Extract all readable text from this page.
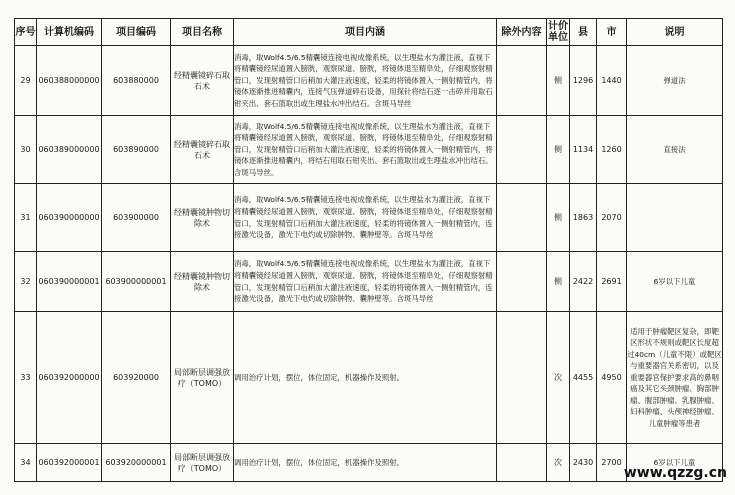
序号	计算机编码	项目编码	项目名称	项目内涵	除外内容	计价单位	县	市	说明
29	060388000000	603880000	经精囊镜碎石取石术	消毒，取Wolf4.5/6.5精囊镜连接电视成像系统，以生理盐水为灌注液，直视下将精囊镜经尿道置入膀胱，观察尿道、膀胱，将镜体退至精阜处，仔细观察射精管口，发现射精管口后稍加大灌注液速度，轻柔的将镜体置入一侧射精管内，将镜体逐渐推进精囊内，连接气压弹道碎石设备，用探针将结石逐一击碎并用取石钳夹出、套石篮取出或生理盐水冲出结石。含斑马导丝		侧	1296	1440	弹道法
30	060389000000	603890000	经精囊镜碎石取石术	消毒，取Wolf4.5/6.5精囊镜连接电视成像系统，以生理盐水为灌注液，直视下将精囊镜经尿道置入膀胱，观察尿道、膀胱，将镜体退至精阜处，仔细观察射精管口，发现射精管口后稍加大灌注液速度，轻柔的将镜体置入一侧射精管内，将镜体逐渐推进精囊内，将结石用取石钳夹出、套石篮取出或生理盐水冲出结石。含斑马导丝。		侧	1134	1260	直接法
31	060390000000	603900000	经精囊镜肿物切除术	消毒，取Wolf4.5/6.5精囊镜连接电视成像系统，以生理盐水为灌注液，直视下将精囊镜经尿道置入膀胱，观察尿道、膀胱，将镜体退至精阜处，仔细观察射精管口，发现射精管口后稍加大灌注液速度，轻柔的将镜体置入一侧射精管内，连接激光设备，激光下电灼或切除肿物、囊肿壁等。含斑马导丝		侧	1863	2070	
32	060390000001	603900000001	经精囊镜肿物切除术	消毒，取Wolf4.5/6.5精囊镜连接电视成像系统，以生理盐水为灌注液，直视下将精囊镜经尿道置入膀胱，观察尿道、膀胱，将镜体退至精阜处，仔细观察射精管口，发现射精管口后稍加大灌注液速度，轻柔的将镜体置入一侧射精管内，连接激光设备，激光下电灼或切除肿物、囊肿壁等。含斑马导丝		侧	2422	2691	6岁以下儿童
33	060392000000	603920000	局部断层调强放疗（TOMO）	调用治疗计划，摆位，体位固定，机器操作及照射。		次	4455	4950	适用于肿瘤靶区复杂，即靶区形状不规则或靶区长度超过40cm（儿童不限）或靶区与重要器官关系密切，以及重要器官保护要求高的鼻咽癌及其它头颈肿瘤、胸部肿瘤、腹部肿瘤、乳腺肿瘤、妇科肿瘤、头颅神经肿瘤、儿童肿瘤等患者
34	060392000001	603920000001	局部断层调强放疗（TOMO）	调用治疗计划，摆位，体位固定，机器操作及照射。		次	2430	2700	6岁以下儿童
www.qzzg.cn
